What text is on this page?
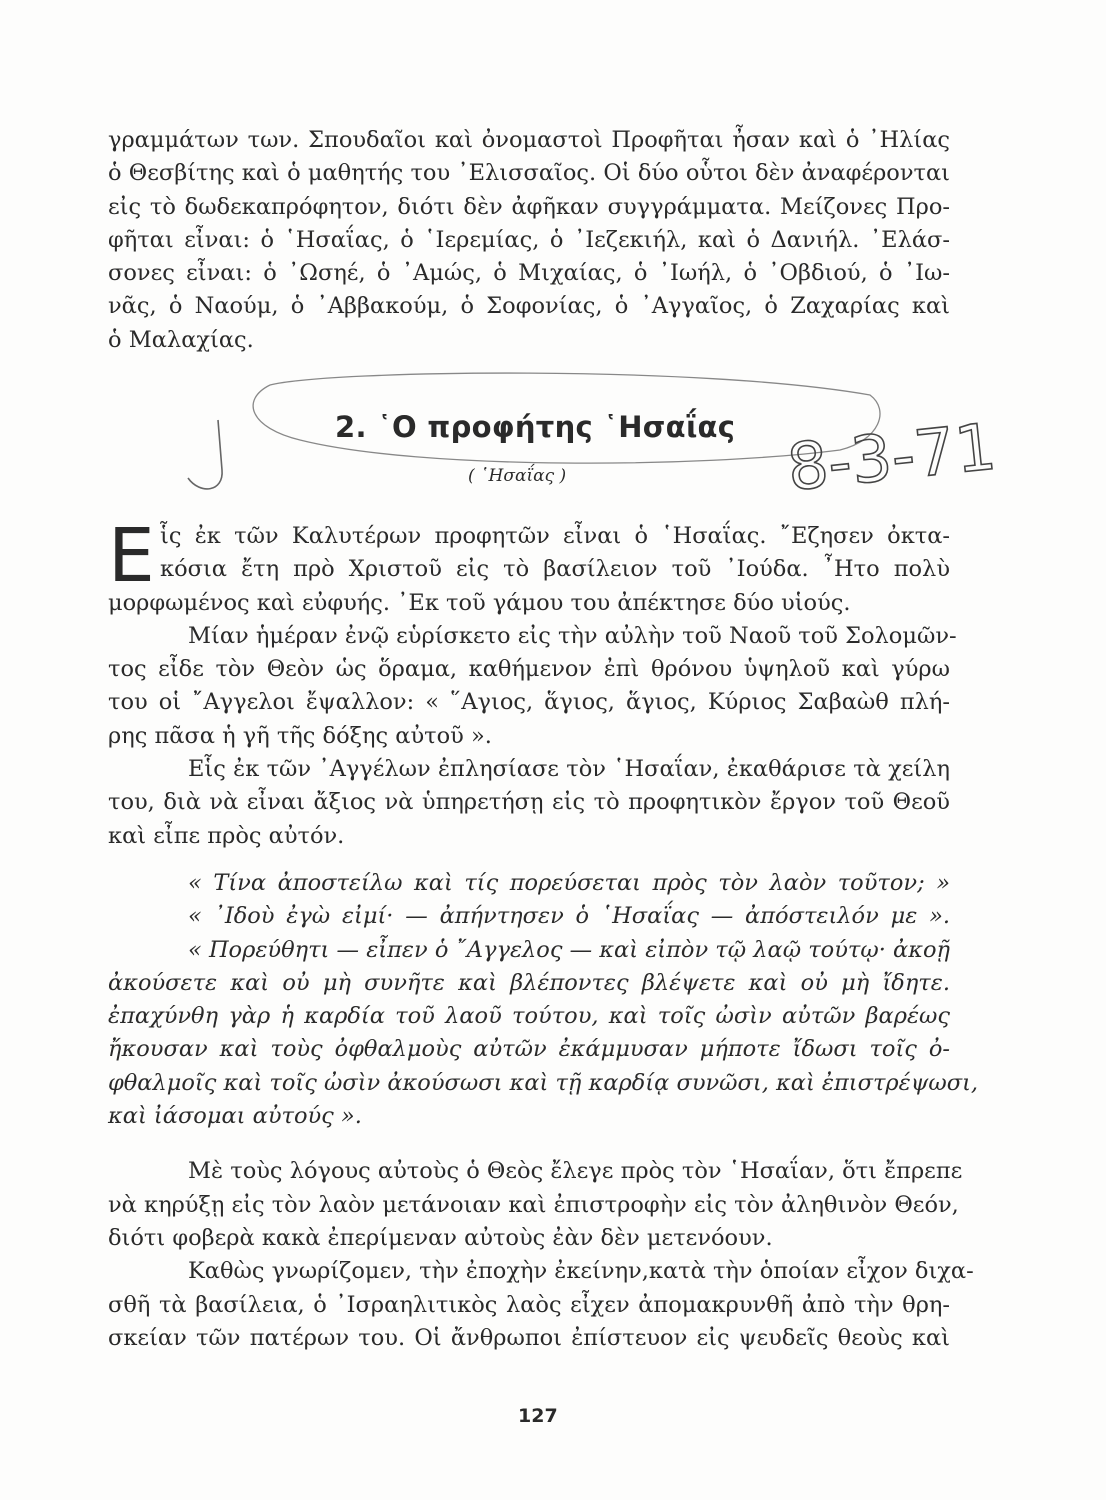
γραμμάτων των. Σπουδαῖοι καὶ ὀνομαστοὶ Προφῆται ἦσαν καὶ ὁ ᾿Ηλίας
ὁ Θεσβίτης καὶ ὁ μαθητής του ᾿Ελισσαῖος. Οἱ δύο οὗτοι δὲν ἀναφέρονται
εἰς τὸ δωδεκαπρόφητον, διότι δὲν ἀφῆκαν συγγράμματα. Μείζονες Προ-
φῆται εἶναι: ὁ ῾Ησαΐας, ὁ ῾Ιερεμίας, ὁ ᾿Ιεζεκιήλ, καὶ ὁ Δανιήλ. ᾿Ελάσ-
σονες εἶναι: ὁ ᾿Ωσηέ, ὁ ᾿Αμώς, ὁ Μιχαίας, ὁ ᾿Ιωήλ, ὁ ᾿Οβδιού, ὁ ᾿Ιω-
νᾶς, ὁ Ναούμ, ὁ ᾿Αββακούμ, ὁ Σοφονίας, ὁ ᾿Αγγαῖος, ὁ Ζαχαρίας καὶ
ὁ Μαλαχίας.
2. ῾Ο προφήτης ῾Ησαΐας
( ῾Ησαΐας )
Ε ἷς ἐκ τῶν Καλυτέρων προφητῶν εἶναι ὁ ῾Ησαΐας. ῎Εζησεν ὀκτα-
κόσια ἔτη πρὸ Χριστοῦ εἰς τὸ βασίλειον τοῦ ᾿Ιούδα. ῏Ητο πολὺ
μορφωμένος καὶ εὐφυής. ᾿Εκ τοῦ γάμου του ἀπέκτησε δύο υἱούς.
Μίαν ἡμέραν ἐνῷ εὑρίσκετο εἰς τὴν αὐλὴν τοῦ Ναοῦ τοῦ Σολομῶν-
τος εἶδε τὸν Θεὸν ὡς ὅραμα, καθήμενον ἐπὶ θρόνου ὑψηλοῦ καὶ γύρω
του οἱ ῎Αγγελοι ἔψαλλον: « ῞Αγιος, ἅγιος, ἅγιος, Κύριος Σαβαὼθ πλή-
ρης πᾶσα ἡ γῆ τῆς δόξης αὐτοῦ ».
Εἷς ἐκ τῶν ᾿Αγγέλων ἐπλησίασε τὸν ῾Ησαΐαν, ἐκαθάρισε τὰ χείλη
του, διὰ νὰ εἶναι ἄξιος νὰ ὑπηρετήσῃ εἰς τὸ προφητικὸν ἔργον τοῦ Θεοῦ
καὶ εἶπε πρὸς αὐτόν.
« Τίνα ἀποστείλω καὶ τίς πορεύσεται πρὸς τὸν λαὸν τοῦτον; »
« ᾿Ιδοὺ ἐγὼ εἰμί· — ἀπήντησεν ὁ ῾Ησαΐας — ἀπόστειλόν με ».
« Πορεύθητι — εἶπεν ὁ ῎Αγγελος — καὶ εἰπὸν τῷ λαῷ τούτῳ· ἀκοῇ
ἀκούσετε καὶ οὐ μὴ συνῆτε καὶ βλέποντες βλέψετε καὶ οὐ μὴ ἴδητε.
ἐπαχύνθη γὰρ ἡ καρδία τοῦ λαοῦ τούτου, καὶ τοῖς ὠσὶν αὐτῶν βαρέως
ἤκουσαν καὶ τοὺς ὀφθαλμοὺς αὐτῶν ἐκάμμυσαν μήποτε ἴδωσι τοῖς ὀ-
φθαλμοῖς καὶ τοῖς ὠσὶν ἀκούσωσι καὶ τῇ καρδίᾳ συνῶσι, καὶ ἐπιστρέψωσι,
καὶ ἰάσομαι αὐτούς ».
Μὲ τοὺς λόγους αὐτοὺς ὁ Θεὸς ἔλεγε πρὸς τὸν ῾Ησαΐαν, ὅτι ἔπρεπε
νὰ κηρύξῃ εἰς τὸν λαὸν μετάνοιαν καὶ ἐπιστροφὴν εἰς τὸν ἀληθινὸν Θεόν,
διότι φοβερὰ κακὰ ἐπερίμεναν αὐτοὺς ἐὰν δὲν μετενόουν.
Καθὼς γνωρίζομεν, τὴν ἐποχὴν ἐκείνην,κατὰ τὴν ὁποίαν εἶχον διχα-
σθῆ τὰ βασίλεια, ὁ ᾿Ισραηλιτικὸς λαὸς εἶχεν ἀπομακρυνθῆ ἀπὸ τὴν θρη-
σκείαν τῶν πατέρων του. Οἱ ἄνθρωποι ἐπίστευον εἰς ψευδεῖς θεοὺς καὶ
127
8-3-71
